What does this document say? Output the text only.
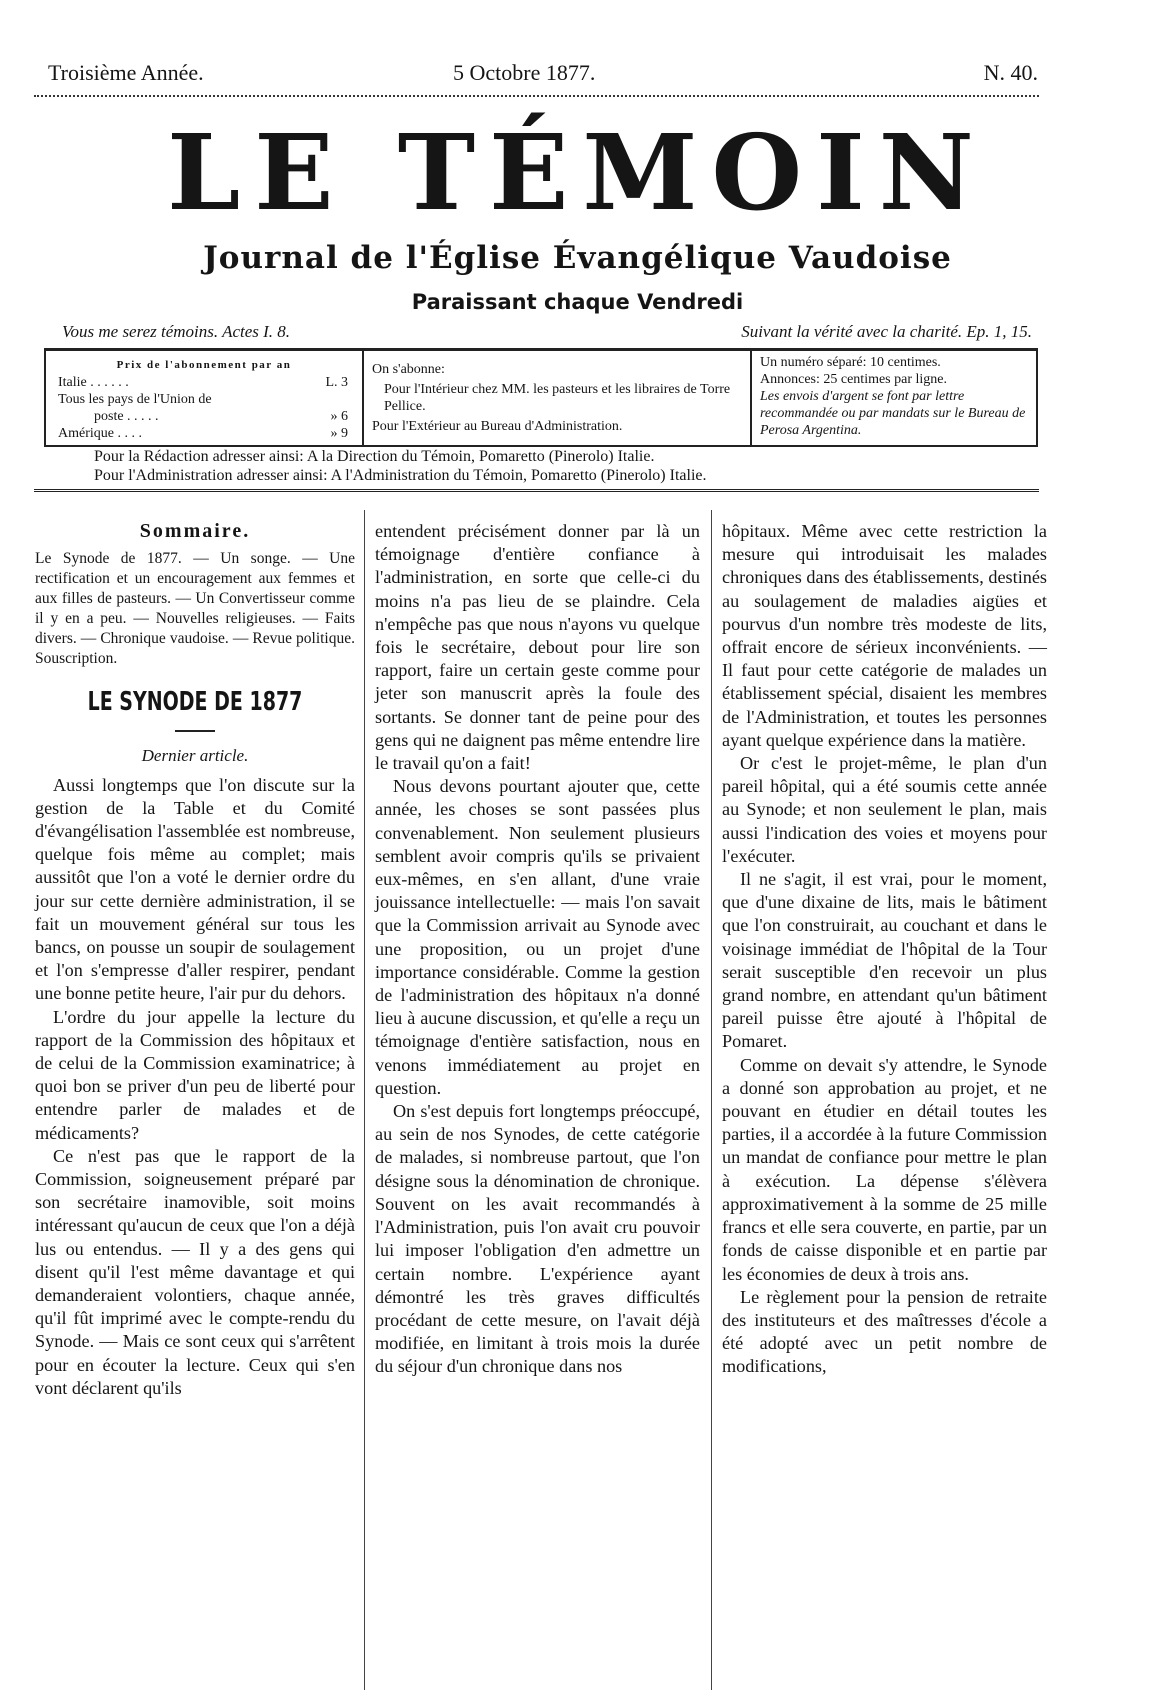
Troisième Année.	5 Octobre 1877.	N. 40.
LE TÉMOIN
Journal de l'Église Évangélique Vaudoise
Paraissant chaque Vendredi
Vous me serez témoins. Actes I. 8.	Suivant la vérité avec la charité. Ep. 1, 15.
Prix de l'abonnement par an
Italie . . . . . .	L. 3
Tous les pays de l'Union de
poste . . . . .	» 6
Amérique . . . .	» 9
On s'abonne:
Pour l'Intérieur chez MM. les pasteurs et les libraires de Torre Pellice.
Pour l'Extérieur au Bureau d'Administration.
Un numéro séparé: 10 centimes.
Annonces: 25 centimes par ligne.
Les envois d'argent se font par lettre recommandée ou par mandats sur le Bureau de Perosa Argentina.
Pour la Rédaction adresser ainsi: A la Direction du Témoin, Pomaretto (Pinerolo) Italie.
Pour l'Administration adresser ainsi: A l'Administration du Témoin, Pomaretto (Pinerolo) Italie.
Sommaire.
Le Synode de 1877. — Un songe. — Une rectification et un encouragement aux femmes et aux filles de pasteurs. — Un Convertisseur comme il y en a peu. — Nouvelles religieuses. — Faits divers. — Chronique vaudoise. — Revue politique. Souscription.
LE SYNODE DE 1877
Dernier article.

Aussi longtemps que l'on discute sur la gestion de la Table et du Comité d'évangélisation l'assemblée est nombreuse, quelque fois même au complet; mais aussitôt que l'on a voté le dernier ordre du jour sur cette dernière administration, il se fait un mouvement général sur tous les bancs, on pousse un soupir de soulagement et l'on s'empresse d'aller respirer, pendant une bonne petite heure, l'air pur du dehors.

L'ordre du jour appelle la lecture du rapport de la Commission des hôpitaux et de celui de la Commission examinatrice; à quoi bon se priver d'un peu de liberté pour entendre parler de malades et de médicaments?

Ce n'est pas que le rapport de la Commission, soigneusement préparé par son secrétaire inamovible, soit moins intéressant qu'aucun de ceux que l'on a déjà lus ou entendus. — Il y a des gens qui disent qu'il l'est même davantage et qui demanderaient volontiers, chaque année, qu'il fût imprimé avec le compte-rendu du Synode. — Mais ce sont ceux qui s'arrêtent pour en écouter la lecture. Ceux qui s'en vont déclarent qu'ils

entendent précisément donner par là un témoignage d'entière confiance à l'administration, en sorte que celle-ci du moins n'a pas lieu de se plaindre. Cela n'empêche pas que nous n'ayons vu quelque fois le secrétaire, debout pour lire son rapport, faire un certain geste comme pour jeter son manuscrit après la foule des sortants. Se donner tant de peine pour des gens qui ne daignent pas même entendre lire le travail qu'on a fait!

Nous devons pourtant ajouter que, cette année, les choses se sont passées plus convenablement. Non seulement plusieurs semblent avoir compris qu'ils se privaient eux-mêmes, en s'en allant, d'une vraie jouissance intellectuelle: — mais l'on savait que la Commission arrivait au Synode avec une proposition, ou un projet d'une importance considérable. Comme la gestion de l'administration des hôpitaux n'a donné lieu à aucune discussion, et qu'elle a reçu un témoignage d'entière satisfaction, nous en venons immédiatement au projet en question.

On s'est depuis fort longtemps préoccupé, au sein de nos Synodes, de cette catégorie de malades, si nombreuse partout, que l'on désigne sous la dénomination de chronique. Souvent on les avait recommandés à l'Administration, puis l'on avait cru pouvoir lui imposer l'obligation d'en admettre un certain nombre. L'expérience ayant démontré les très graves difficultés procédant de cette mesure, on l'avait déjà modifiée, en limitant à trois mois la durée du séjour d'un chronique dans nos

hôpitaux. Même avec cette restriction la mesure qui introduisait les malades chroniques dans des établissements, destinés au soulagement de maladies aigües et pourvus d'un nombre très modeste de lits, offrait encore de sérieux inconvénients. — Il faut pour cette catégorie de malades un établissement spécial, disaient les membres de l'Administration, et toutes les personnes ayant quelque expérience dans la matière.

Or c'est le projet-même, le plan d'un pareil hôpital, qui a été soumis cette année au Synode; et non seulement le plan, mais aussi l'indication des voies et moyens pour l'exécuter.

Il ne s'agit, il est vrai, pour le moment, que d'une dixaine de lits, mais le bâtiment que l'on construirait, au couchant et dans le voisinage immédiat de l'hôpital de la Tour serait susceptible d'en recevoir un plus grand nombre, en attendant qu'un bâtiment pareil puisse être ajouté à l'hôpital de Pomaret.

Comme on devait s'y attendre, le Synode a donné son approbation au projet, et ne pouvant en étudier en détail toutes les parties, il a accordée à la future Commission un mandat de confiance pour mettre le plan à exécution. La dépense s'élèvera approximativement à la somme de 25 mille francs et elle sera couverte, en partie, par un fonds de caisse disponible et en partie par les économies de deux à trois ans.

Le règlement pour la pension de retraite des instituteurs et des maîtresses d'école a été adopté avec un petit nombre de modifications,
